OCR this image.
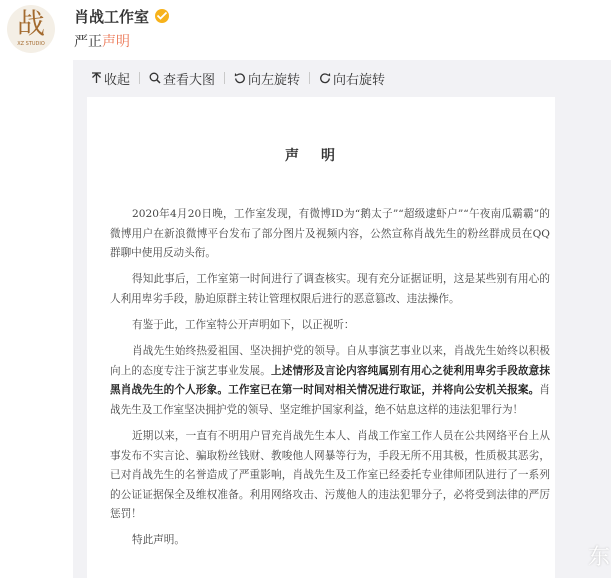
战
XZ STUDIO
肖战工作室
严正声明
收起	查看大图	向左旋转	向右旋转
声明

2020年4月20日晚，工作室发现，有微博ID为“鹅太子”“超级逮虾户”“午夜南瓜霸霸”的微博用户在新浪微博平台发布了部分图片及视频内容，公然宣称肖战先生的粉丝群成员在QQ群聊中使用反动头衔。

得知此事后，工作室第一时间进行了调查核实。现有充分证据证明，这是某些别有用心的人利用卑劣手段，胁迫原群主转让管理权限后进行的恶意篡改、违法操作。

有鉴于此，工作室特公开声明如下，以正视听：

肖战先生始终热爱祖国、坚决拥护党的领导。自从事演艺事业以来，肖战先生始终以积极向上的态度专注于演艺事业发展。上述情形及言论内容纯属别有用心之徒利用卑劣手段故意抹黑肖战先生的个人形象。工作室已在第一时间对相关情况进行取证，并将向公安机关报案。肖战先生及工作室坚决拥护党的领导、坚定维护国家利益，绝不姑息这样的违法犯罪行为！

近期以来，一直有不明用户冒充肖战先生本人、肖战工作室工作人员在公共网络平台上从事发布不实言论、骗取粉丝钱财、教唆他人网暴等行为，手段无所不用其极，性质极其恶劣，已对肖战先生的名誉造成了严重影响，肖战先生及工作室已经委托专业律师团队进行了一系列的公证证据保全及维权准备。利用网络攻击、污蔑他人的违法犯罪分子，必将受到法律的严厉惩罚！

特此声明。

东
